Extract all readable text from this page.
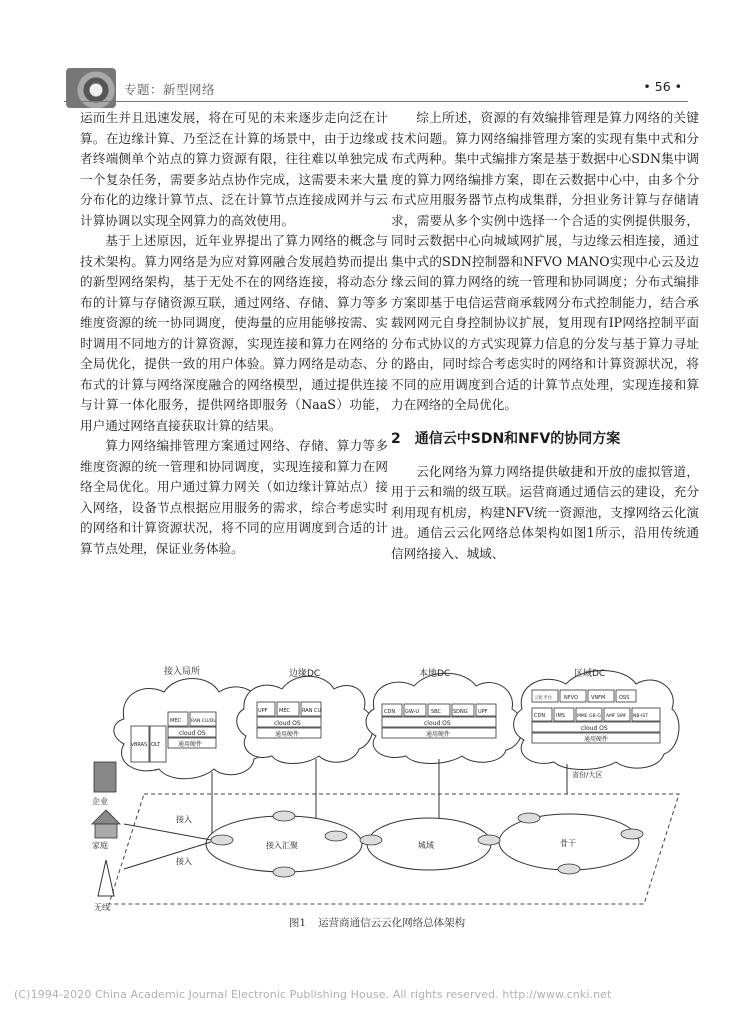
专题：新型网络	• 56 •

运而生并且迅速发展，将在可见的未来逐步走向泛在计算。在边缘计算、乃至泛在计算的场景中，由于边缘或者终端侧单个站点的算力资源有限，往往难以单独完成一个复杂任务，需要多站点协作完成，这需要未来大量分布化的边缘计算节点、泛在计算节点连接成网并与云计算协调以实现全网算力的高效使用。

基于上述原因，近年业界提出了算力网络的概念与技术架构。算力网络是为应对算网融合发展趋势而提出的新型网络架构，基于无处不在的网络连接，将动态分布的计算与存储资源互联，通过网络、存储、算力等多维度资源的统一协同调度，使海量的应用能够按需、实时调用不同地方的计算资源，实现连接和算力在网络的全局优化，提供一致的用户体验。算力网络是动态、分布式的计算与网络深度融合的网络模型，通过提供连接与计算一体化服务，提供网络即服务（NaaS）功能，用户通过网络直接获取计算的结果。

算力网络编排管理方案通过网络、存储、算力等多维度资源的统一管理和协同调度，实现连接和算力在网络全局优化。用户通过算力网关（如边缘计算站点）接入网络，设备节点根据应用服务的需求，综合考虑实时的网络和计算资源状况，将不同的应用调度到合适的计算节点处理，保证业务体验。

综上所述，资源的有效编排管理是算力网络的关键技术问题。算力网络编排管理方案的实现有集中式和分布式两种。集中式编排方案是基于数据中心SDN集中调度的算力网络编排方案，即在云数据中心中，由多个分布式应用服务器节点构成集群，分担业务计算与存储请求，需要从多个实例中选择一个合适的实例提供服务，同时云数据中心向城域网扩展，与边缘云相连接，通过集中式的SDN控制器和NFVO MANO实现中心云及边缘云间的算力网络的统一管理和协同调度；分布式编排方案即基于电信运营商承载网分布式控制能力，结合承载网网元自身控制协议扩展，复用现有IP网络控制平面分布式协议的方式实现算力信息的分发与基于算力寻址的路由，同时综合考虑实时的网络和计算资源状况，将不同的应用调度到合适的计算节点处理，实现连接和算力在网络的全局优化。

2 通信云中SDN和NFV的协同方案

云化网络为算力网络提供敏捷和开放的虚拟管道，用于云和端的级互联。运营商通过通信云的建设，充分利用现有机房，构建NFV统一资源池，支撑网络云化演进。通信云云化网络总体架构如图1所示，沿用传统通信网络接入、城域、

接入局所
vBRAS OLT
MEC RAN CU/DU
cloud OS
通用硬件
边缘DC
UPF MEC RAN CU
cloud OS
通用硬件
本地DC
CDN GW-U SBC SDNG UPF
cloud OS
通用硬件
区域DC
云化平台 NFVO	VNFM	OSS
CDN IMS	MME GB-G AMF SMF NB-IST
cloud OS
通用硬件
省份/大区
接入汇聚	城域	骨干
企业
家庭
无线
接入
接入
图1 运营商通信云云化网络总体架构
(C)1994-2020 China Academic Journal Electronic Publishing House. All rights reserved. http://www.cnki.net
